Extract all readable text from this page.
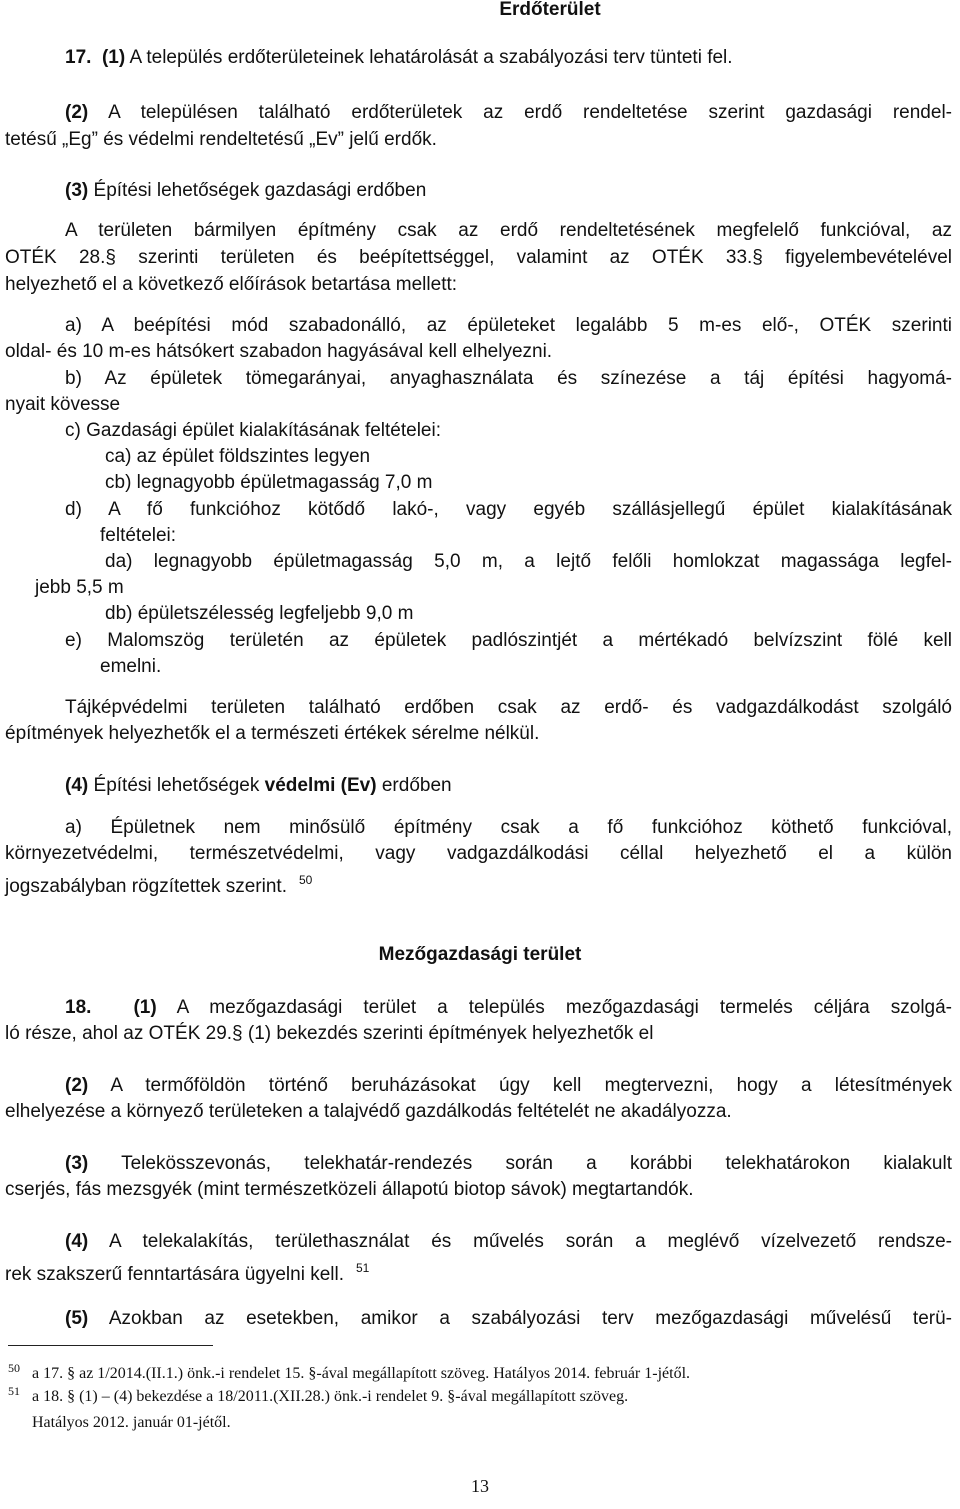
Erdőterület
17. (1) A település erdőterületeinek lehatárolását a szabályozási terv tünteti fel.
(2) A településen található erdőterületek az erdő rendeltetése szerint gazdasági rendel-
tetésű „Eg” és védelmi rendeltetésű „Ev” jelű erdők.
(3) Építési lehetőségek gazdasági erdőben
A területen bármilyen építmény csak az erdő rendeltetésének megfelelő funkcióval, az
OTÉK 28.§ szerinti területen és beépítettséggel, valamint az OTÉK 33.§ figyelembevételével
helyezhető el a következő előírások betartása mellett:
a) A beépítési mód szabadonálló, az épületeket legalább 5 m-es elő-, OTÉK szerinti
oldal- és 10 m-es hátsókert szabadon hagyásával kell elhelyezni.
b) Az épületek tömegarányai, anyaghasználata és színezése a táj építési hagyomá-
nyait kövesse
c) Gazdasági épület kialakításának feltételei:
ca) az épület földszintes legyen
cb) legnagyobb épületmagasság 7,0 m
d) A fő funkcióhoz kötődő lakó-, vagy egyéb szállásjellegű épület kialakításának
feltételei:
da) legnagyobb épületmagasság 5,0 m, a lejtő felőli homlokzat magassága legfel-
jebb 5,5 m
db) épületszélesség legfeljebb 9,0 m
e) Malomszög területén az épületek padlószintjét a mértékadó belvízszint fölé kell
emelni.
Tájképvédelmi területen található erdőben csak az erdő- és vadgazdálkodást szolgáló
építmények helyezhetők el a természeti értékek sérelme nélkül.
(4) Építési lehetőségek védelmi (Ev) erdőben
a) Épületnek nem minősülő építmény csak a fő funkcióhoz köthető funkcióval,
környezetvédelmi, természetvédelmi, vagy vadgazdálkodási céllal helyezhető el a külön
jogszabályban rögzítettek szerint. $^{50}$
Mezőgazdasági terület
18. (1) A mezőgazdasági terület a település mezőgazdasági termelés céljára szolgá-
ló része, ahol az OTÉK 29.§ (1) bekezdés szerinti építmények helyezhetők el
(2) A termőföldön történő beruházásokat úgy kell megtervezni, hogy a létesítmények
elhelyezése a környező területeken a talajvédő gazdálkodás feltételét ne akadályozza.
(3) Telekösszevonás, telekhatár-rendezés során a korábbi telekhatárokon kialakult
cserjés, fás mezsgyék (mint természetközeli állapotú biotop sávok) megtartandók.
(4) A telekalakítás, területhasználat és művelés során a meglévő vízelvezető rendsze-
rek szakszerű fenntartására ügyelni kell. $^{51}$
(5) Azokban az esetekben, amikor a szabályozási terv mezőgazdasági művelésű terü-
50 a 17. § az 1/2014.(II.1.) önk.-i rendelet 15. §-ával megállapított szöveg. Hatályos 2014. február 1-jétől.
51 a 18. § (1) – (4) bekezdése a 18/2011.(XII.28.) önk.-i rendelet 9. §-ával megállapított szöveg.
Hatályos 2012. január 01-jétől.
13
